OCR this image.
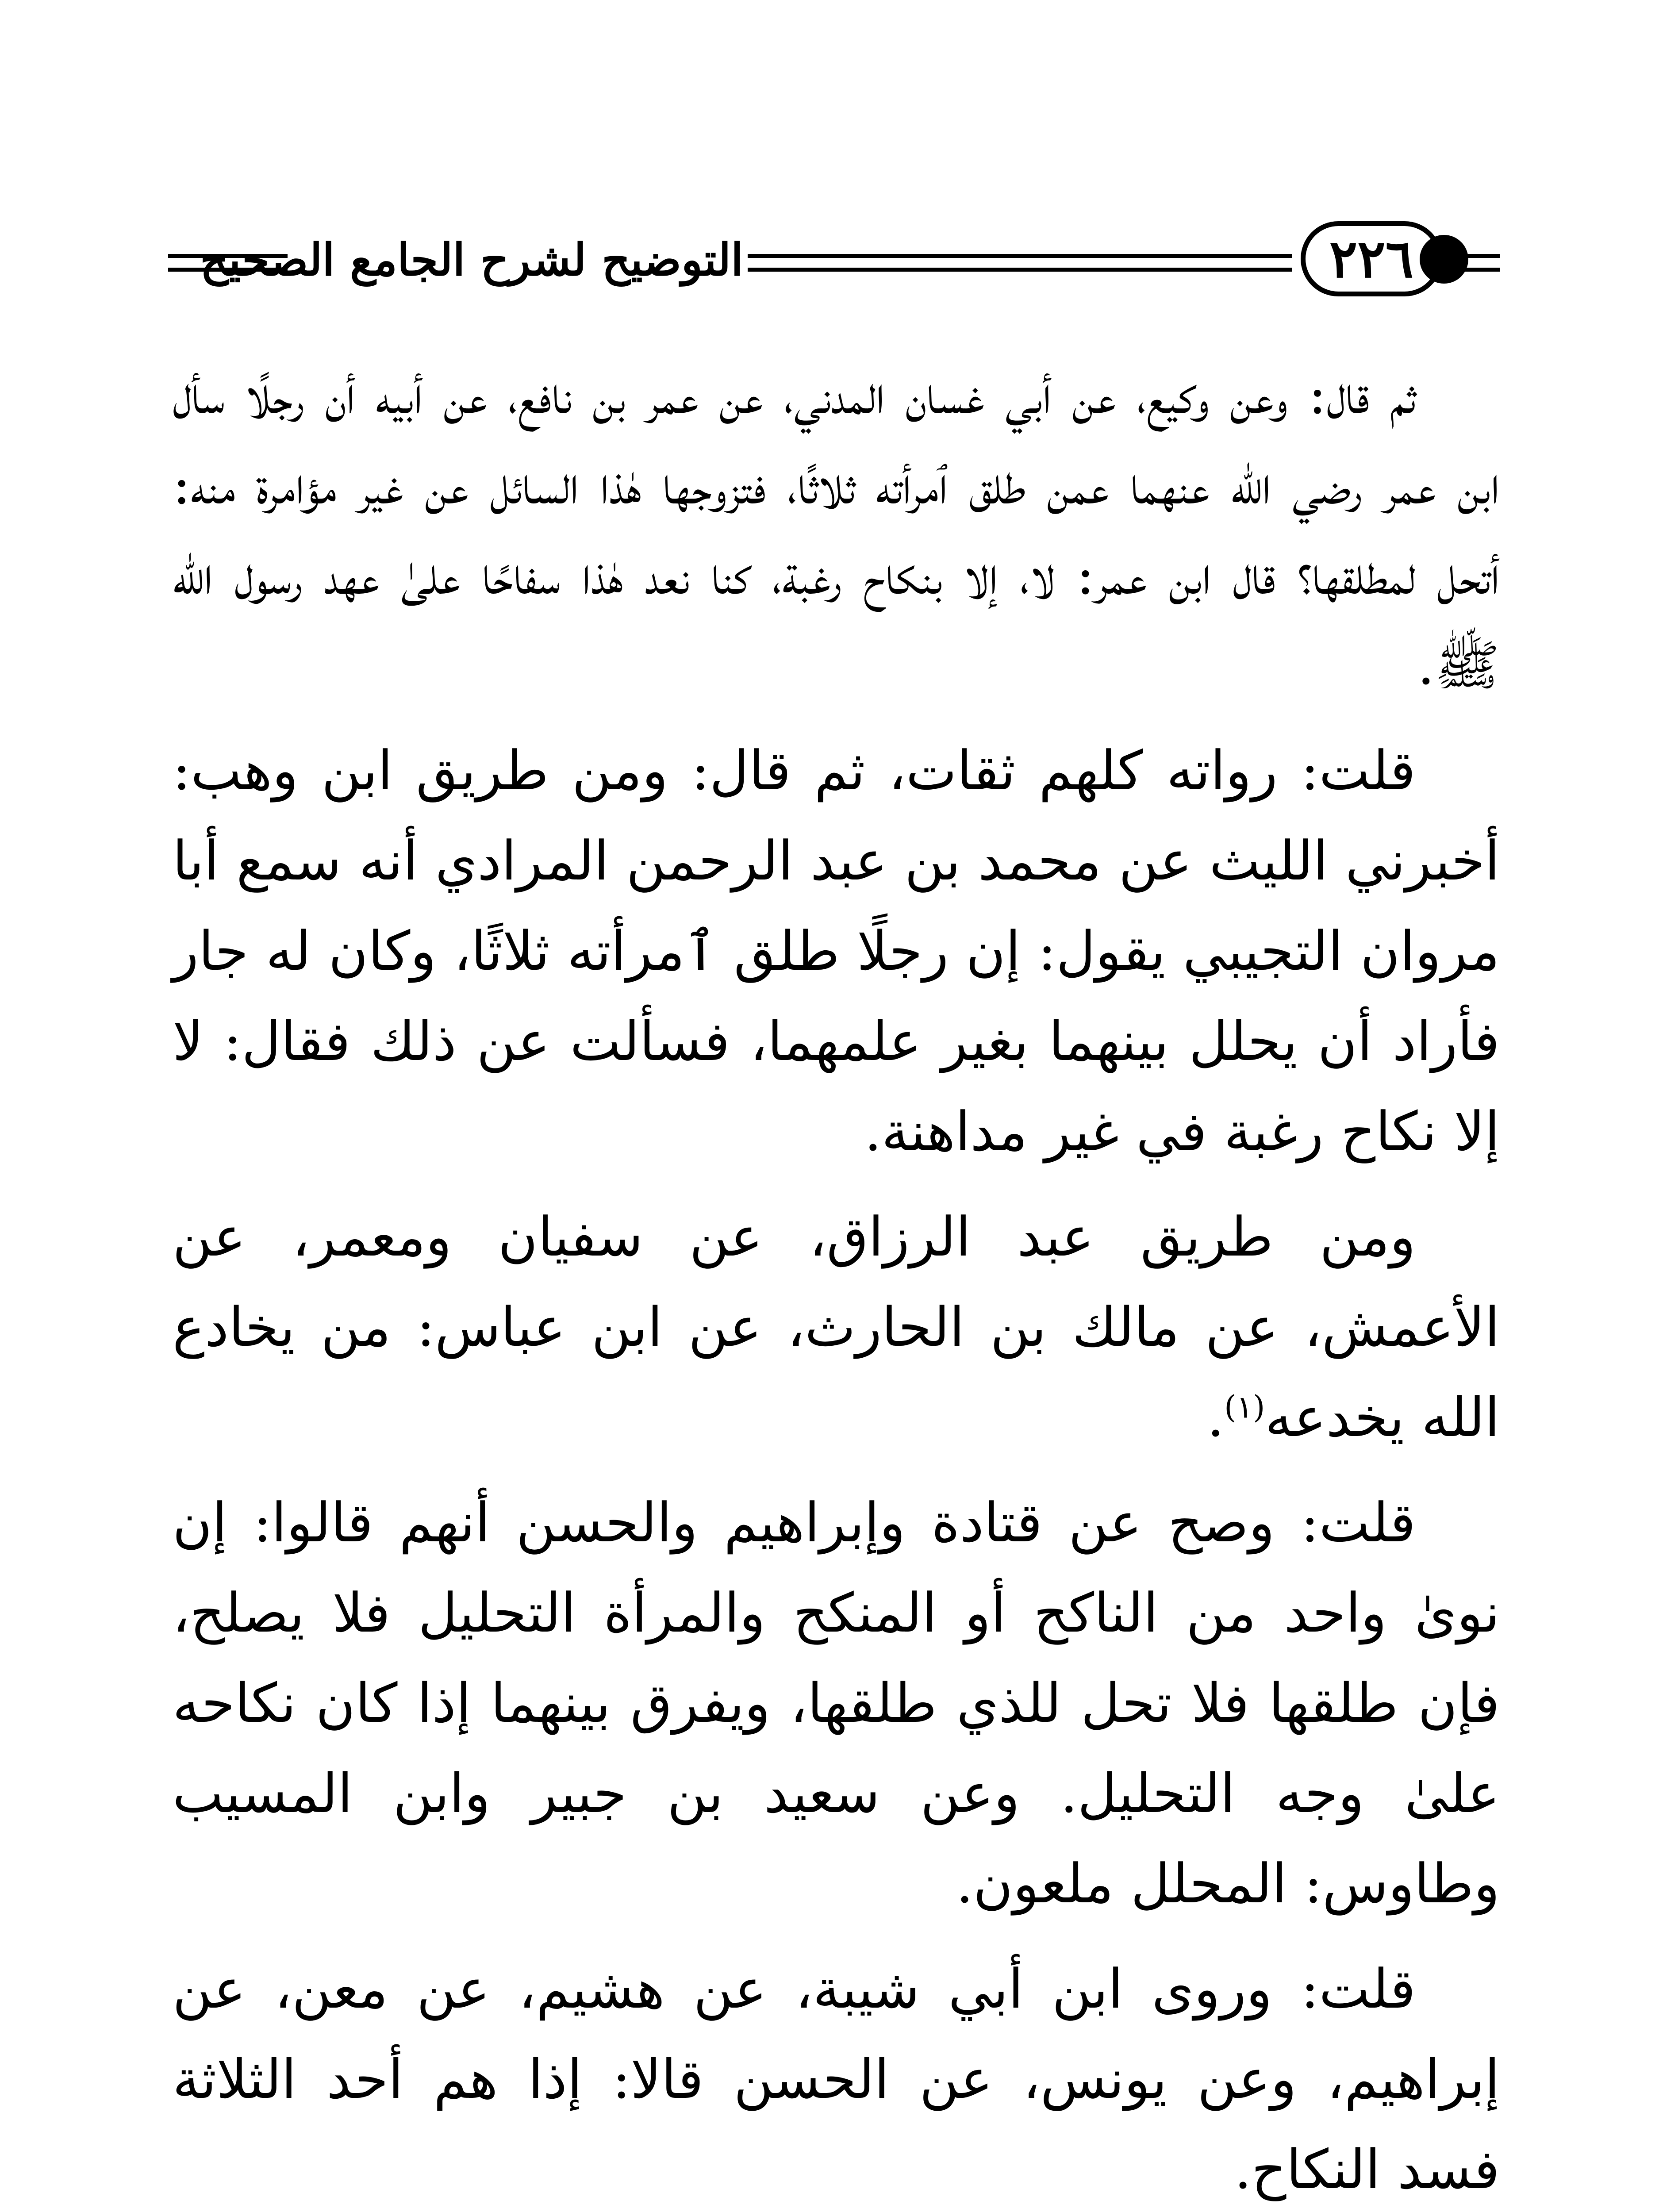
التوضيح لشرح الجامع الصحيح	٢٢٦

ثم قال: وعن وكيع، عن أبي غسان المدني، عن عمر بن نافع، عن أبيه أن رجلًا سأل ابن عمر رضي الله عنهما عمن طلق ٱمرأته ثلاثًا، فتزوجها هٰذا السائل عن غير مؤامرة منه: أتحل لمطلقها؟ قال ابن عمر: لا، إلا بنكاح رغبة، كنا نعد هٰذا سفاحًا علىٰ عهد رسول الله ﷺ.

قلت: رواته كلهم ثقات، ثم قال: ومن طريق ابن وهب: أخبرني الليث عن محمد بن عبد الرحمن المرادي أنه سمع أبا مروان التجيبي يقول: إن رجلًا طلق ٱمرأته ثلاثًا، وكان له جار فأراد أن يحلل بينهما بغير علمهما، فسألت عن ذلك فقال: لا إلا نكاح رغبة في غير مداهنة.

ومن طريق عبد الرزاق، عن سفيان ومعمر، عن الأعمش، عن مالك بن الحارث، عن ابن عباس: من يخادع الله يخدعه$^{(١)}$.

قلت: وصح عن قتادة وإبراهيم والحسن أنهم قالوا: إن نوىٰ واحد من الناكح أو المنكح والمرأة التحليل فلا يصلح، فإن طلقها فلا تحل للذي طلقها، ويفرق بينهما إذا كان نكاحه علىٰ وجه التحليل. وعن سعيد بن جبير وابن المسيب وطاوس: المحلل ملعون.

قلت: وروى ابن أبي شيبة، عن هشيم، عن معن، عن إبراهيم، وعن يونس، عن الحسن قالا: إذا هم أحد الثلاثة فسد النكاح.
